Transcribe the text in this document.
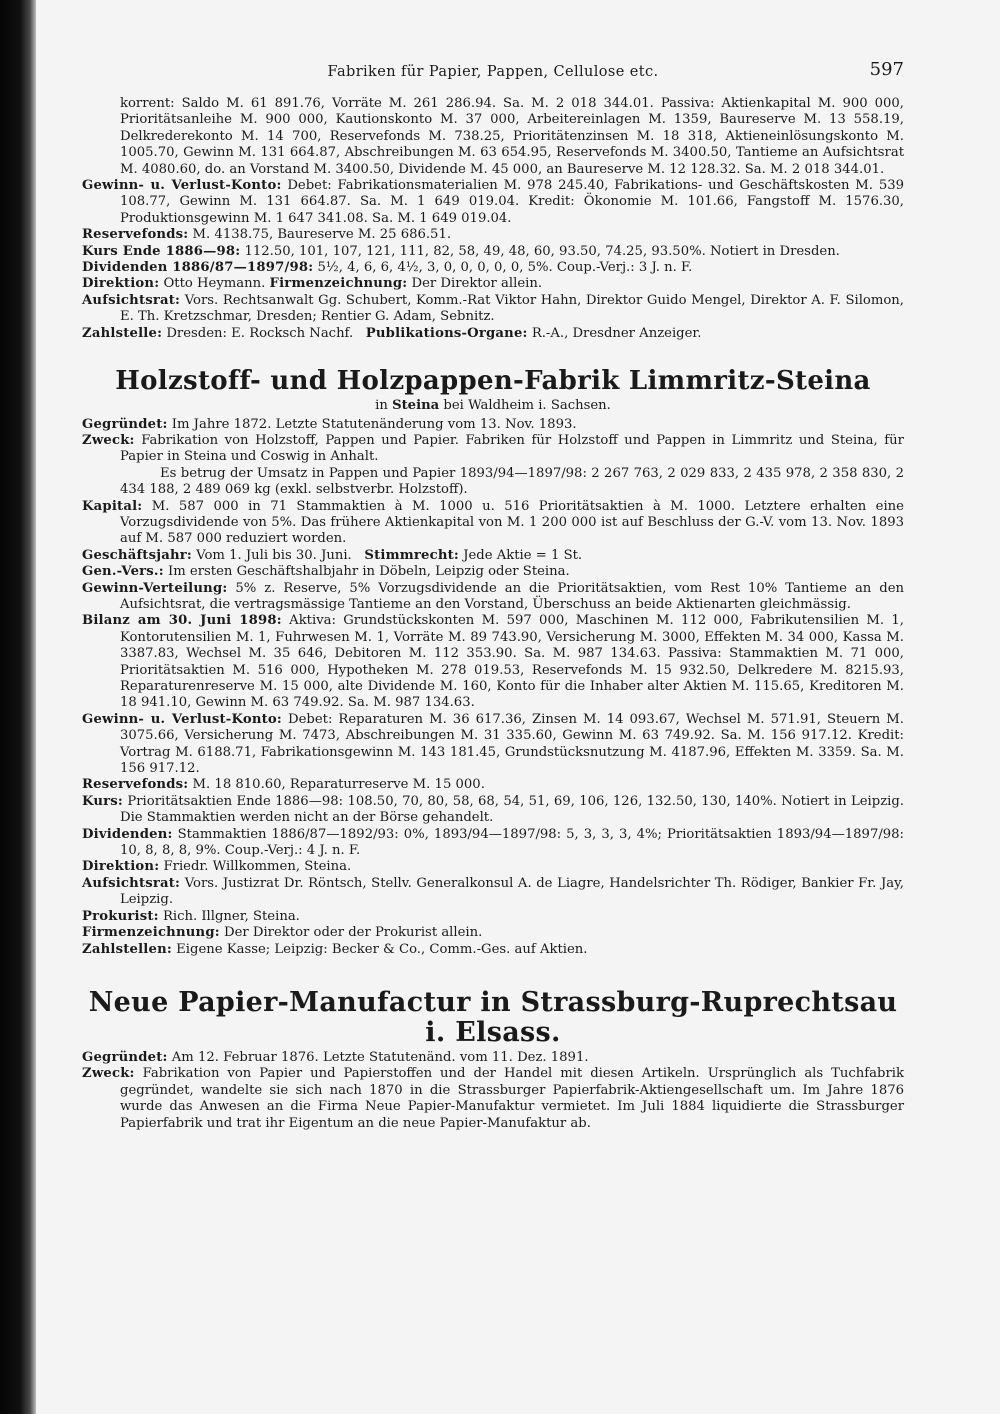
Fabriken für Papier, Pappen, Cellulose etc.	597

korrent: Saldo M. 61 891.76, Vorräte M. 261 286.94. Sa. M. 2 018 344.01. Passiva: Aktienkapital M. 900 000, Prioritätsanleihe M. 900 000, Kautionskonto M. 37 000, Arbeitereinlagen M. 1359, Baureserve M. 13 558.19, Delkrederekonto M. 14 700, Reservefonds M. 738.25, Prioritätenzinsen M. 18 318, Aktieneinlösungskonto M. 1005.70, Gewinn M. 131 664.87, Abschreibungen M. 63 654.95, Reservefonds M. 3400.50, Tantieme an Aufsichtsrat M. 4080.60, do. an Vorstand M. 3400.50, Dividende M. 45 000, an Baureserve M. 12 128.32. Sa. M. 2 018 344.01.

Gewinn- u. Verlust-Konto: Debet: Fabrikationsmaterialien M. 978 245.40, Fabrikations- und Geschäftskosten M. 539 108.77, Gewinn M. 131 664.87. Sa. M. 1 649 019.04. Kredit: Ökonomie M. 101.66, Fangstoff M. 1576.30, Produktionsgewinn M. 1 647 341.08. Sa. M. 1 649 019.04.

Reservefonds: M. 4138.75, Baureserve M. 25 686.51.

Kurs Ende 1886—98: 112.50, 101, 107, 121, 111, 82, 58, 49, 48, 60, 93.50, 74.25, 93.50%. Notiert in Dresden.

Dividenden 1886/87—1897/98: 5½, 4, 6, 6, 4½, 3, 0, 0, 0, 0, 0, 5%. Coup.-Verj.: 3 J. n. F.

Direktion: Otto Heymann. Firmenzeichnung: Der Direktor allein.

Aufsichtsrat: Vors. Rechtsanwalt Gg. Schubert, Komm.-Rat Viktor Hahn, Direktor Guido Mengel, Direktor A. F. Silomon, E. Th. Kretzschmar, Dresden; Rentier G. Adam, Sebnitz.

Zahlstelle: Dresden: E. Rocksch Nachf. Publikations-Organe: R.-A., Dresdner Anzeiger.

Holzstoff- und Holzpappen-Fabrik Limmritz-Steina

in Steina bei Waldheim i. Sachsen.

Gegründet: Im Jahre 1872. Letzte Statutenänderung vom 13. Nov. 1893.

Zweck: Fabrikation von Holzstoff, Pappen und Papier. Fabriken für Holzstoff und Pappen in Limmritz und Steina, für Papier in Steina und Coswig in Anhalt.

Es betrug der Umsatz in Pappen und Papier 1893/94—1897/98: 2 267 763, 2 029 833, 2 435 978, 2 358 830, 2 434 188, 2 489 069 kg (exkl. selbstverbr. Holzstoff).

Kapital: M. 587 000 in 71 Stammaktien à M. 1000 u. 516 Prioritätsaktien à M. 1000. Letztere erhalten eine Vorzugsdividende von 5%. Das frühere Aktienkapital von M. 1 200 000 ist auf Beschluss der G.-V. vom 13. Nov. 1893 auf M. 587 000 reduziert worden.

Geschäftsjahr: Vom 1. Juli bis 30. Juni. Stimmrecht: Jede Aktie = 1 St.

Gen.-Vers.: Im ersten Geschäftshalbjahr in Döbeln, Leipzig oder Steina.

Gewinn-Verteilung: 5% z. Reserve, 5% Vorzugsdividende an die Prioritätsaktien, vom Rest 10% Tantieme an den Aufsichtsrat, die vertragsmässige Tantieme an den Vorstand, Überschuss an beide Aktienarten gleichmässig.

Bilanz am 30. Juni 1898: Aktiva: Grundstückskonten M. 597 000, Maschinen M. 112 000, Fabrikutensilien M. 1, Kontorutensilien M. 1, Fuhrwesen M. 1, Vorräte M. 89 743.90, Versicherung M. 3000, Effekten M. 34 000, Kassa M. 3387.83, Wechsel M. 35 646, Debitoren M. 112 353.90. Sa. M. 987 134.63. Passiva: Stammaktien M. 71 000, Prioritätsaktien M. 516 000, Hypotheken M. 278 019.53, Reservefonds M. 15 932.50, Delkredere M. 8215.93, Reparaturenreserve M. 15 000, alte Dividende M. 160, Konto für die Inhaber alter Aktien M. 115.65, Kreditoren M. 18 941.10, Gewinn M. 63 749.92. Sa. M. 987 134.63.

Gewinn- u. Verlust-Konto: Debet: Reparaturen M. 36 617.36, Zinsen M. 14 093.67, Wechsel M. 571.91, Steuern M. 3075.66, Versicherung M. 7473, Abschreibungen M. 31 335.60, Gewinn M. 63 749.92. Sa. M. 156 917.12. Kredit: Vortrag M. 6188.71, Fabrikationsgewinn M. 143 181.45, Grundstücksnutzung M. 4187.96, Effekten M. 3359. Sa. M. 156 917.12.

Reservefonds: M. 18 810.60, Reparaturreserve M. 15 000.

Kurs: Prioritätsaktien Ende 1886—98: 108.50, 70, 80, 58, 68, 54, 51, 69, 106, 126, 132.50, 130, 140%. Notiert in Leipzig. Die Stammaktien werden nicht an der Börse gehandelt.

Dividenden: Stammaktien 1886/87—1892/93: 0%, 1893/94—1897/98: 5, 3, 3, 3, 4%; Prioritätsaktien 1893/94—1897/98: 10, 8, 8, 8, 9%. Coup.-Verj.: 4 J. n. F.

Direktion: Friedr. Willkommen, Steina.

Aufsichtsrat: Vors. Justizrat Dr. Röntsch, Stellv. Generalkonsul A. de Liagre, Handelsrichter Th. Rödiger, Bankier Fr. Jay, Leipzig.

Prokurist: Rich. Illgner, Steina.

Firmenzeichnung: Der Direktor oder der Prokurist allein.

Zahlstellen: Eigene Kasse; Leipzig: Becker & Co., Comm.-Ges. auf Aktien.

Neue Papier-Manufactur in Strassburg-Ruprechtsau i. Elsass.

Gegründet: Am 12. Februar 1876. Letzte Statutenänd. vom 11. Dez. 1891.

Zweck: Fabrikation von Papier und Papierstoffen und der Handel mit diesen Artikeln. Ursprünglich als Tuchfabrik gegründet, wandelte sie sich nach 1870 in die Strassburger Papierfabrik-Aktiengesellschaft um. Im Jahre 1876 wurde das Anwesen an die Firma Neue Papier-Manufaktur vermietet. Im Juli 1884 liquidierte die Strassburger Papierfabrik und trat ihr Eigentum an die neue Papier-Manufaktur ab.
